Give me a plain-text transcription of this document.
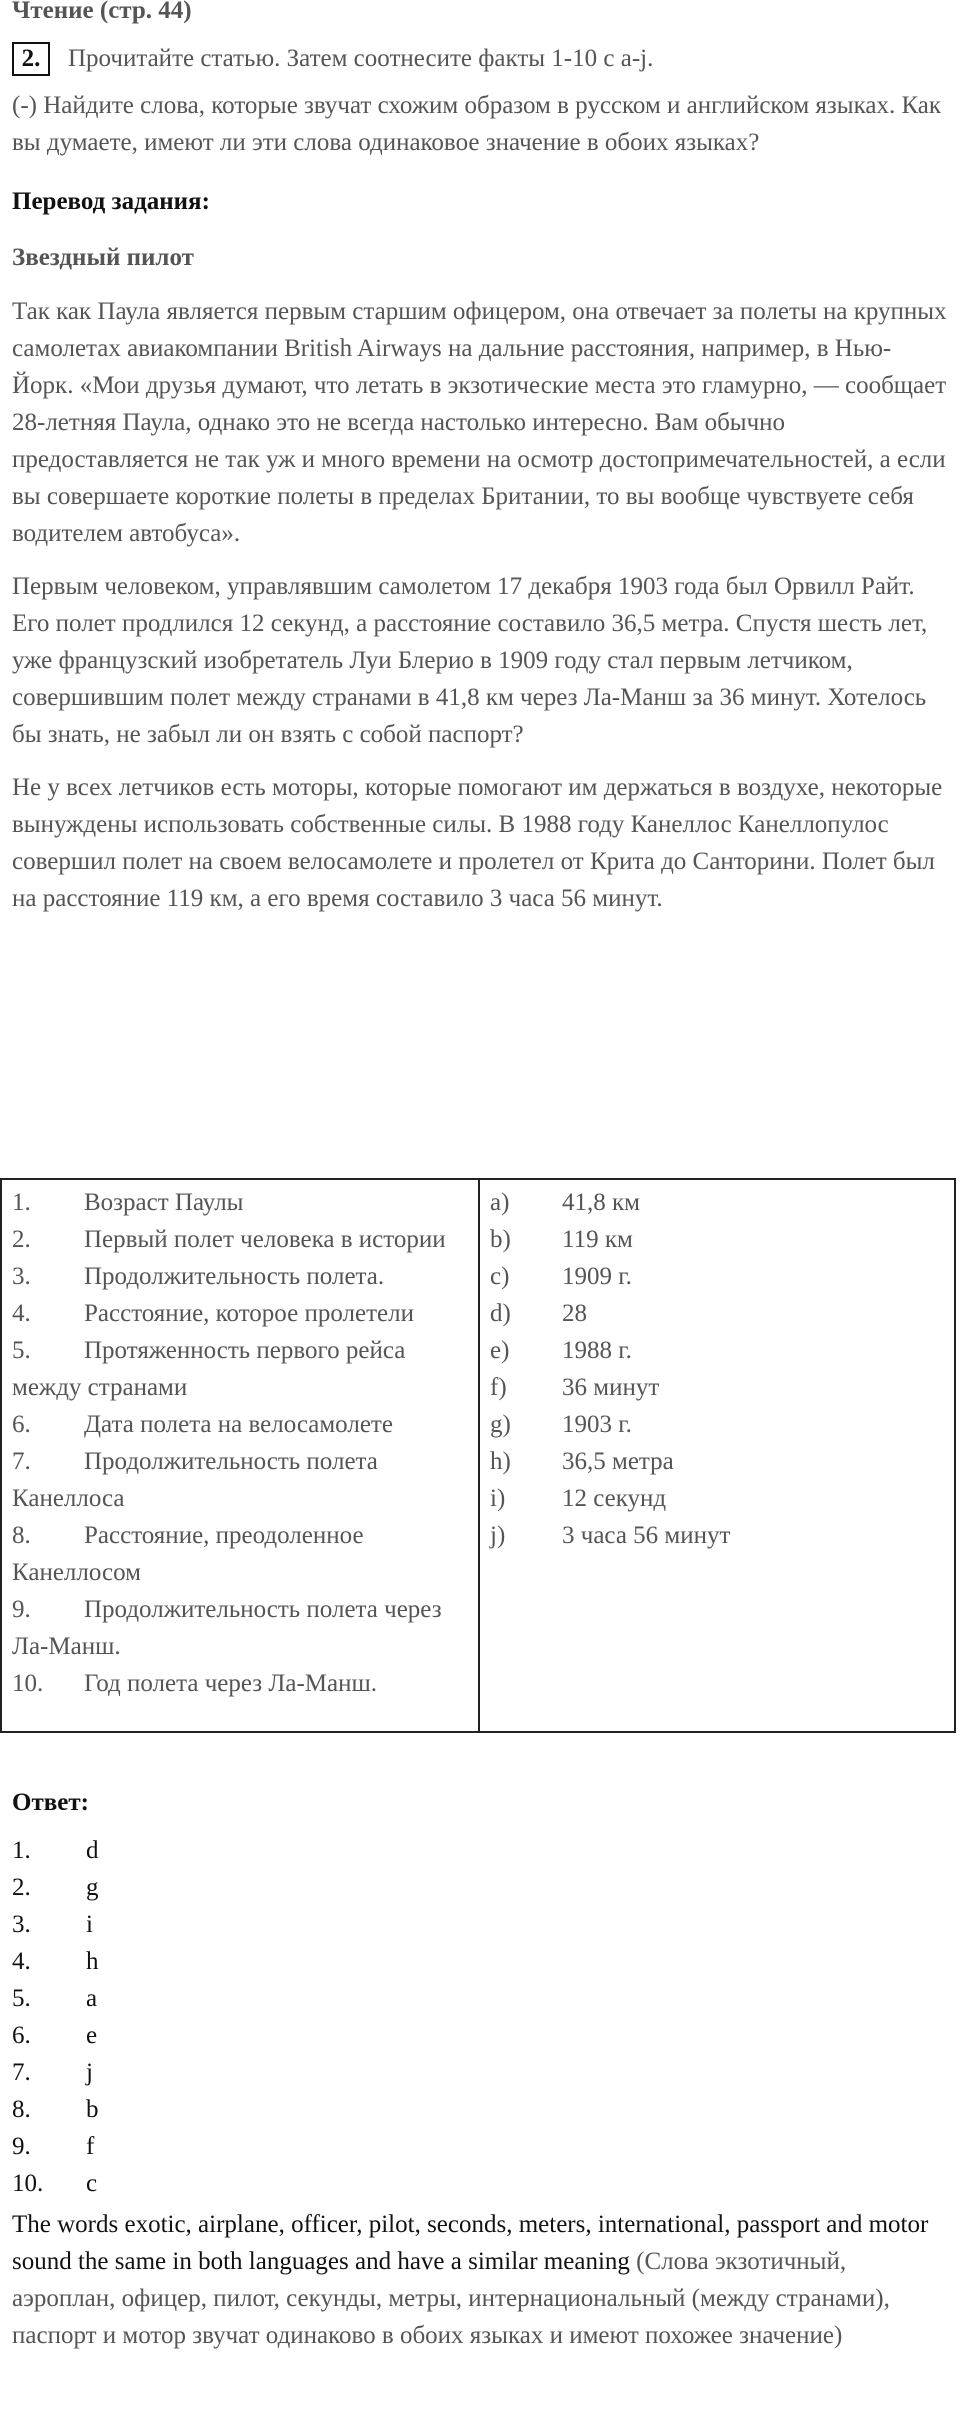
Чтение (стр. 44)
2.	Прочитайте статью. Затем соотнесите факты 1-10 с a-j.

(-) Найдите слова, которые звучат схожим образом в русском и английском языках. Как вы думаете, имеют ли эти слова одинаковое значение в обоих языках?

Перевод задания:
Звездный пилот

Так как Паула является первым старшим офицером, она отвечает за полеты на крупных самолетах авиакомпании British Airways на дальние расстояния, например, в Нью-Йорк. «Мои друзья думают, что летать в экзотические места это гламурно, — сообщает 28-летняя Паула, однако это не всегда настолько интересно. Вам обычно предоставляется не так уж и много времени на осмотр достопримечательностей, а если вы совершаете короткие полеты в пределах Британии, то вы вообще чувствуете себя водителем автобуса».

Первым человеком, управлявшим самолетом 17 декабря 1903 года был Орвилл Райт. Его полет продлился 12 секунд, а расстояние составило 36,5 метра. Спустя шесть лет, уже французский изобретатель Луи Блерио в 1909 году стал первым летчиком, совершившим полет между странами в 41,8 км через Ла-Манш за 36 минут. Хотелось бы знать, не забыл ли он взять с собой паспорт?

Не у всех летчиков есть моторы, которые помогают им держаться в воздухе, некоторые вынуждены использовать собственные силы. В 1988 году Канеллос Канеллопулос совершил полет на своем велосамолете и пролетел от Крита до Санторини. Полет был на расстояние 119 км, а его время составило 3 часа 56 минут.

1. Возраст Паулы
2. Первый полет человека в истории
3. Продолжительность полета.
4. Расстояние, которое пролетели
5. Протяженность первого рейса между странами
6. Дата полета на велосамолете
7. Продолжительность полета Канеллоса
8. Расстояние, преодоленное Канеллосом
9. Продолжительность полета через Ла-Манш.
10. Год полета через Ла-Манш.
a)	41,8 км
b)	119 км
c)	1909 г.
d)	28
e)	1988 г.
f)	36 минут
g)	1903 г.
h)	36,5 метра
i)	12 секунд
j)	3 часа 56 минут
Ответ:
1.	d
2.	g
3.	i
4.	h
5.	a
6.	e
7.	j
8.	b
9.	f
10.	c
The words exotic, airplane, officer, pilot, seconds, meters, international, passport and motor sound the same in both languages and have a similar meaning (Слова экзотичный, аэроплан, офицер, пилот, секунды, метры, интернациональный (между странами), паспорт и мотор звучат одинаково в обоих языках и имеют похожее значение)
